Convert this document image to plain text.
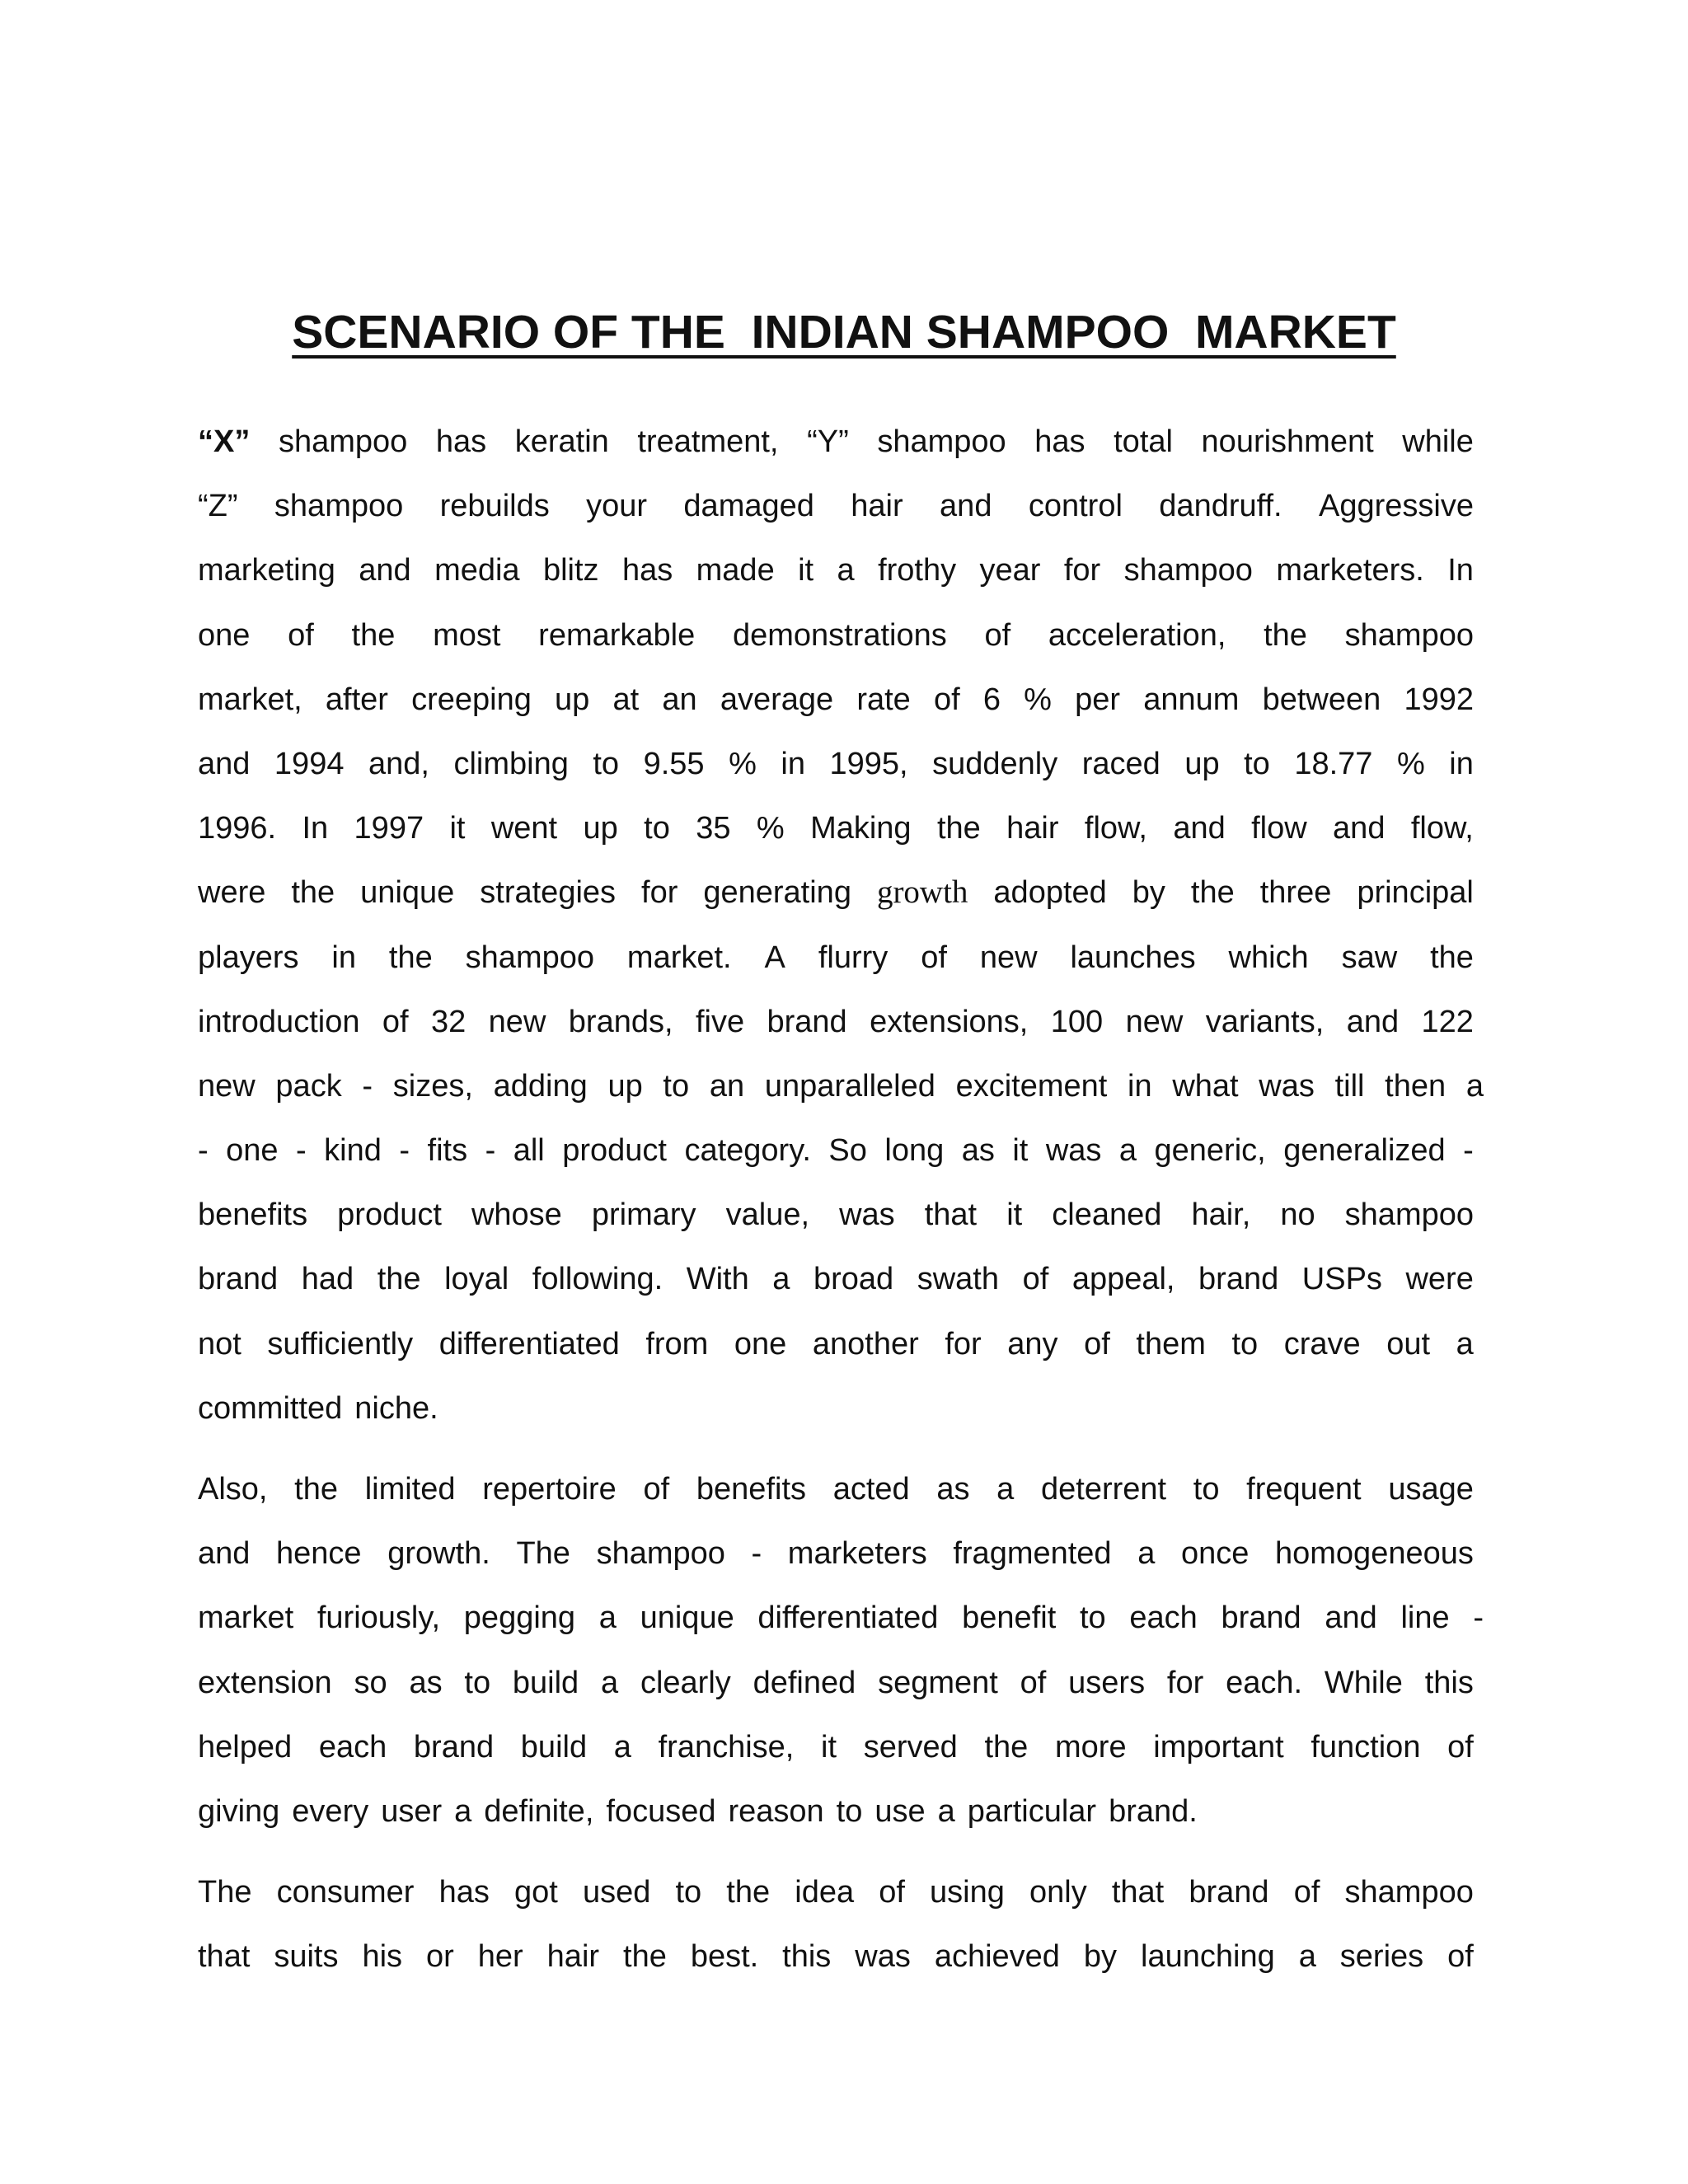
SCENARIO OF THE  INDIAN SHAMPOO  MARKET
“X” shampoo has keratin treatment, “Y” shampoo has total nourishment while
“Z” shampoo rebuilds your damaged hair and control dandruff. Aggressive
marketing and media blitz has made it a frothy year for shampoo marketers. In
one of the most remarkable demonstrations of acceleration, the shampoo
market, after creeping up at an average rate of 6 % per annum between 1992
and 1994 and, climbing to 9.55 % in 1995, suddenly raced up to 18.77 % in
1996. In 1997 it went up to 35 % Making the hair flow, and flow and flow,
were the unique strategies for generating growth adopted by the three principal
players in the shampoo market. A flurry of new launches which saw the
introduction of 32 new brands, five brand extensions, 100 new variants, and 122
new pack - sizes, adding up to an unparalleled excitement in what was till then a
- one - kind - fits - all product category. So long as it was a generic, generalized -
benefits product whose primary value, was that it cleaned hair, no shampoo
brand had the loyal following. With a broad swath of appeal, brand USPs were
not sufficiently differentiated from one another for any of them to crave out a
committed niche.
Also, the limited repertoire of benefits acted as a deterrent to frequent usage
and hence growth. The shampoo - marketers fragmented a once homogeneous
market furiously, pegging a unique differentiated benefit to each brand and line -
extension so as to build a clearly defined segment of users for each. While this
helped each brand build a franchise, it served the more important function of
giving every user a definite, focused reason to use a particular brand.
The consumer has got used to the idea of using only that brand of shampoo
that suits his or her hair the best. this was achieved by launching a series of
